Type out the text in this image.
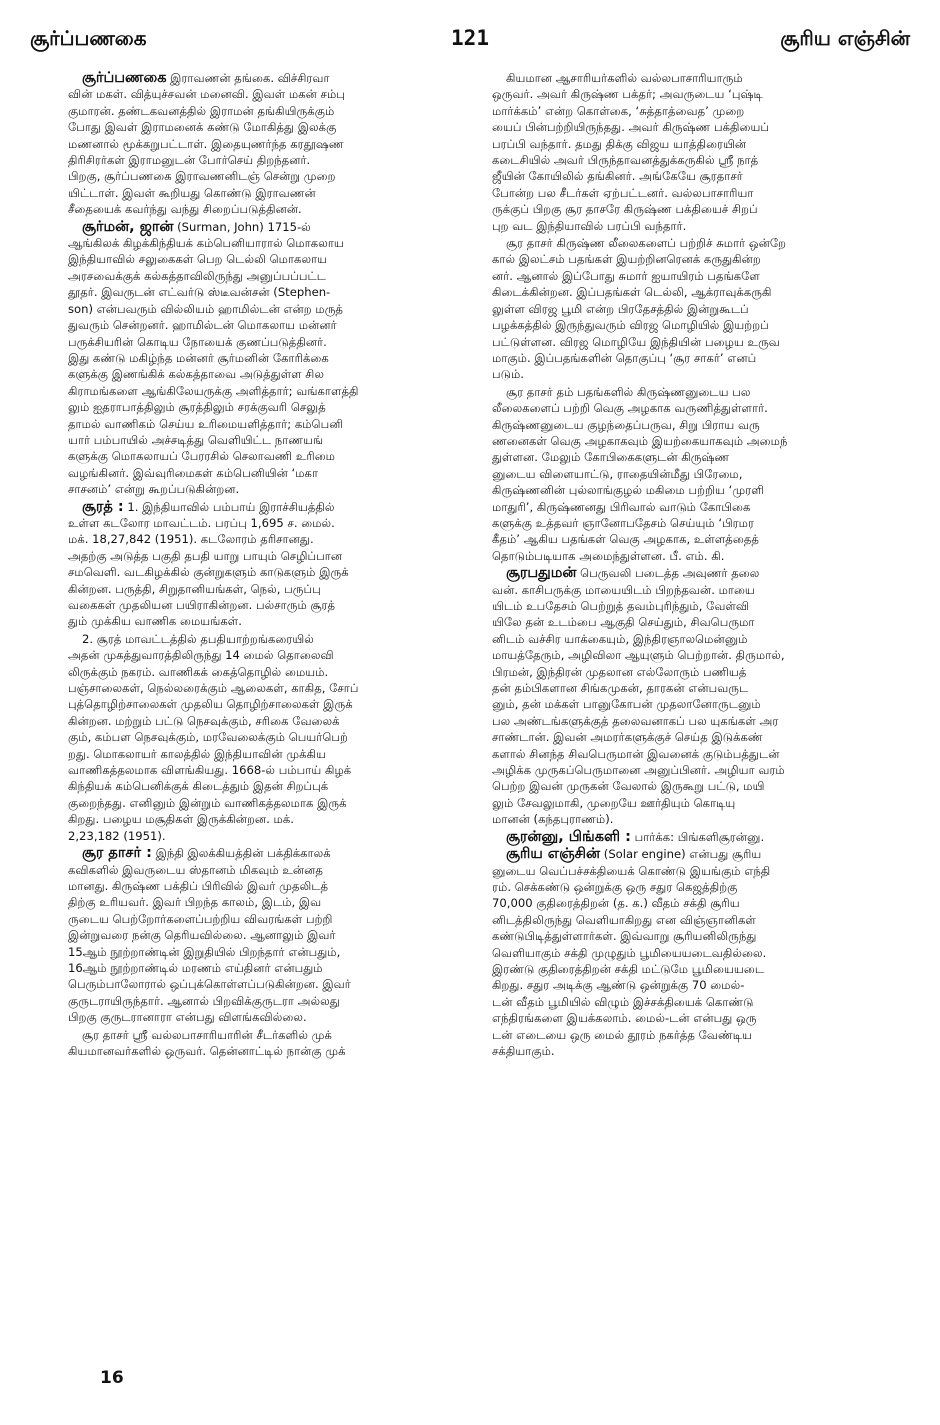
சூர்ப்பணகை	121	சூரிய எஞ்சின்

சூர்ப்பணகை இராவணன் தங்கை. விச்சிரவா
வின் மகள். வித்யுச்சவன் மனைவி. இவள் மகன் சம்பு
குமாரன். தண்டகவனத்தில் இராமன் தங்கியிருக்கும்
போது இவள் இராமனைக் கண்டு மோகித்து இலக்கு
மணனால் மூக்கறுபட்டாள். இதையுணர்ந்த கரதூஷண
திரிசிரர்கள் இராமனுடன் போர்செய் திறந்தனர்.
பிறகு, சூர்ப்பணகை இராவணனிடஞ் சென்று முறை
யிட்டாள். இவள் கூறியது கொண்டு இராவணன்
சீதையைக் கவர்ந்து வந்து சிறைப்படுத்தினன்.

சூர்மன், ஜான் (Surman, John) 1715-ல்
ஆங்கிலக் கிழக்கிந்தியக் கம்பெனியாரால் மொகலாய
இந்தியாவில் சலுகைகள் பெற டெல்லி மொகலாய
அரசவைக்குக் கல்கத்தாவிலிருந்து அனுப்பப்பட்ட
தூதர். இவருடன் எட்வர்டு ஸ்டீவன்சன் (Stephen-
son) என்பவரும் வில்லியம் ஹாமில்டன் என்ற மருத்
துவரும் சென்றனர். ஹாமில்டன் மொகலாய மன்னர்
பருக்சியரின் கொடிய நோயைக் குணப்படுத்தினர்.
இது கண்டு மகிழ்ந்த மன்னர் சூர்மனின் கோரிக்கை
களுக்கு இணங்கிக் கல்கத்தாவை அடுத்துள்ள சில
கிராமங்களை ஆங்கிலேயருக்கு அளித்தார்; வங்காளத்தி
லும் ஐதராபாத்திலும் சூரத்திலும் சரக்குவரி செலுத்
தாமல் வாணிகம் செய்ய உரிமையளித்தார்; கம்பெனி
யார் பம்பாயில் அச்சடித்து வெளியிட்ட நாணயங்
களுக்கு மொகலாயப் பேரரசில் செலாவணி உரிமை
வழங்கினர். இவ்வுரிமைகள் கம்பெனியின் ‘மகா
சாசனம்’ என்று கூறப்படுகின்றன.

சூரத் : 1. இந்தியாவில் பம்பாய் இராச்சியத்தில்
உள்ள கடலோர மாவட்டம். பரப்பு 1,695 ச. மைல்.
மக். 18,27,842 (1951). கடலோரம் தரிசானது.
அதற்கு அடுத்த பகுதி தபதி யாறு பாயும் செழிப்பான
சமவெளி. வடகிழக்கில் குன்றுகளும் காடுகளும் இருக்
கின்றன. பருத்தி, சிறுதானியங்கள், நெல், பருப்பு
வகைகள் முதலியன பயிராகின்றன. பல்சாரும் சூரத்
தும் முக்கிய வாணிக மையங்கள்.

2. சூரத் மாவட்டத்தில் தபதியாற்றங்கரையில்
அதன் முகத்துவாரத்திலிருந்து 14 மைல் தொலைவி
லிருக்கும் நகரம். வாணிகக் கைத்தொழில் மையம்.
பஞ்சாலைகள், நெல்லரைக்கும் ஆலைகள், காகித, சோப்
புத்தொழிற்சாலைகள் முதலிய தொழிற்சாலைகள் இருக்
கின்றன. மற்றும் பட்டு நெசவுக்கும், சரிகை வேலைக்
கும், கம்பள நெசவுக்கும், மரவேலைக்கும் பெயர்பெற்
றது. மொகலாயர் காலத்தில் இந்தியாவின் முக்கிய
வாணிகத்தலமாக விளங்கியது. 1668-ல் பம்பாய் கிழக்
கிந்தியக் கம்பெனிக்குக் கிடைத்தும் இதன் சிறப்புக்
குறைந்தது. எனினும் இன்றும் வாணிகத்தலமாக இருக்
கிறது. பழைய மசூதிகள் இருக்கின்றன. மக்.
2,23,182 (1951).

சூர தாசர் : இந்தி இலக்கியத்தின் பக்திக்காலக்
கவிகளில் இவருடைய ஸ்தானம் மிகவும் உன்னத
மானது. கிருஷ்ண பக்திப் பிரிவில் இவர் முதலிடத்
திற்கு உரியவர். இவர் பிறந்த காலம், இடம், இவ
ருடைய பெற்றோர்களைப்பற்றிய விவரங்கள் பற்றி
இன்றுவரை நன்கு தெரியவில்லை. ஆனாலும் இவர்
15ஆம் நூற்றாண்டின் இறுதியில் பிறந்தார் என்பதும்,
16ஆம் நூற்றாண்டில் மரணம் எய்தினர் என்பதும்
பெரும்பாலோரால் ஒப்புக்கொள்ளப்படுகின்றன. இவர்
குருடராயிருந்தார். ஆனால் பிறவிக்குருடரா அல்லது
பிறகு குருடரானாரா என்பது விளங்கவில்லை.

சூர தாசர் ஸ்ரீ வல்லபாசாரியாரின் சீடர்களில் முக்
கியமானவர்களில் ஒருவர். தென்னாட்டில் நான்கு முக்

கியமான ஆசாரியர்களில் வல்லபாசாரியாரும்
ஒருவர். அவர் கிருஷ்ண பக்தர்; அவருடைய ‘புஷ்டி
மார்க்கம்’ என்ற கொள்கை, ‘சுத்தாத்வைத’ முறை
யைப் பின்பற்றியிருந்தது. அவர் கிருஷ்ண பக்தியைப்
பரப்பி வந்தார். தமது திக்கு விஜய யாத்திரையின்
கடைசியில் அவர் பிருந்தாவனத்துக்கருகில் ஸ்ரீ நாத்
ஜீயின் கோயிலில் தங்கினர். அங்கேயே சூரதாசர்
போன்ற பல சீடர்கள் ஏற்பட்டனர். வல்லபாசாரியா
ருக்குப் பிறகு சூர தாசரே கிருஷ்ண பக்தியைச் சிறப்
புற வட இந்தியாவில் பரப்பி வந்தார்.

சூர தாசர் கிருஷ்ண லீலைகளைப் பற்றிச் சுமார் ஒன்றே
கால் இலட்சம் பதங்கள் இயற்றினரெனக் கருதுகின்ற
னர். ஆனால் இப்போது சுமார் ஐயாயிரம் பதங்களே
கிடைக்கின்றன. இப்பதங்கள் டெல்லி, ஆக்ராவுக்கருகி
லுள்ள விரஜ பூமி என்ற பிரதேசத்தில் இன்றுகூடப்
பழக்கத்தில் இருந்துவரும் விரஜ மொழியில் இயற்றப்
பட்டுள்ளன. விரஜ மொழியே இந்தியின் பழைய உருவ
மாகும். இப்பதங்களின் தொகுப்பு ‘சூர சாகர்’ எனப்
படும்.

சூர தாசர் தம் பதங்களில் கிருஷ்ணனுடைய பல
லீலைகளைப் பற்றி வெகு அழகாக வருணித்துள்ளார்.
கிருஷ்ணனுடைய குழந்தைப்பருவ, சிறு பிராய வரு
ணனைகள் வெகு அழகாகவும் இயற்கையாகவும் அமைந்
துள்ளன. மேலும் கோபிகைகளுடன் கிருஷ்ண
னுடைய விளையாட்டு, ராதையின்மீது பிரேமை,
கிருஷ்ணனின் புல்லாங்குழல் மகிமை பற்றிய ‘முரளி
மாதுரி’, கிருஷ்ணனது பிரிவால் வாடும் கோபிகை
களுக்கு உத்தவர் ஞானோபதேசம் செய்யும் ‘பிரமர
கீதம்’ ஆகிய பதங்கள் வெகு அழகாக, உள்ளத்தைத்
தொடும்படியாக அமைந்துள்ளன. பீ. எம். கி.

சூரபதுமன் பெருவலி படைத்த அவுணர் தலை
வன். காசிபருக்கு மாயையிடம் பிறந்தவன். மாயை
யிடம் உபதேசம் பெற்றுத் தவம்புரிந்தும், வேள்வி
யிலே தன் உடம்பை ஆகுதி செய்தும், சிவபெருமா
னிடம் வச்சிர யாக்கையும், இந்திரஞாலமென்னும்
மாயத்தேரும், அழிவிலா ஆயுளும் பெற்றான். திருமால்,
பிரமன், இந்திரன் முதலான எல்லோரும் பணியத்
தன் தம்பிகளான சிங்கமுகன், தாரகன் என்பவருட
னும், தன் மக்கள் பானுகோபன் முதலானோருடனும்
பல அண்டங்களுக்குத் தலைவனாகப் பல யுகங்கள் அர
சாண்டான். இவன் அமரர்களுக்குச் செய்த இடுக்கண்
களால் சினந்த சிவபெருமான் இவனைக் குடும்பத்துடன்
அழிக்க முருகப்பெருமானை அனுப்பினர். அழியா வரம்
பெற்ற இவன் முருகன் வேலால் இருகூறு பட்டு, மயி
லும் சேவலுமாகி, முறையே ஊர்தியும் கொடியு
மானன் (கந்தபுராணம்).

சூரன்னு, பிங்களி : பார்க்க: பிங்களிசூரன்னு.

சூரிய எஞ்சின் (Solar engine) என்பது சூரிய
னுடைய வெப்பச்சக்தியைக் கொண்டு இயங்கும் எந்தி
ரம். செக்கண்டு ஒன்றுக்கு ஒரு சதுர கெஜத்திற்கு
70,000 குதிரைத்திறன் (த. க.) வீதம் சக்தி சூரிய
னிடத்திலிருந்து வெளியாகிறது என விஞ்ஞானிகள்
கண்டுபிடித்துள்ளார்கள். இவ்வாறு சூரியனிலிருந்து
வெளியாகும் சக்தி முழுதும் பூமியையடைவதில்லை.
இரண்டு குதிரைத்திறன் சக்தி மட்டுமே பூமியையடை
கிறது. சதுர அடிக்கு ஆண்டு ஒன்றுக்கு 70 மைல்-
டன் வீதம் பூமியில் விழும் இச்சக்தியைக் கொண்டு
எந்திரங்களை இயக்கலாம். மைல்-டன் என்பது ஒரு
டன் எடையை ஒரு மைல் தூரம் நகர்த்த வேண்டிய
சக்தியாகும்.

16
